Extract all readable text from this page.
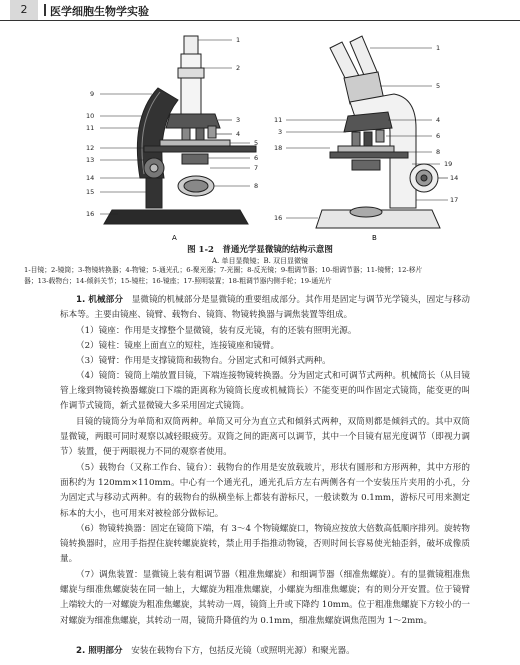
2	医学细胞生物学实验
1
2
3
4
5
6
7
8
9
10
11
12
13
14
15
16
1
5
4
6
8
19
14
17
11
3
18
16
A	B
图 1-2　普通光学显微镜的结构示意图
A. 单目显微镜；B. 双目显微镜
1-目镜；2-镜筒；3-物镜转换器；4-物镜；5-通光孔；6-聚光器；7-光圈；8-反光镜；9-粗调节器；10-细调节器；11-镜臂；12-移片
器；13-载物台；14-倾斜关节；15-镜柱；16-镜座；17-照明装置；18-粗调节器内侧手轮；19-通光片
1. 机械部分　 显微镜的机械部分是显微镜的重要组成部分。其作用是固定与调节光学镜头，固定与移动标本等。主要由镜座、镜臂、载物台、镜筒、物镜转换器与调焦装置等组成。
（1）镜座：作用是支撑整个显微镜，装有反光镜，有的还装有照明光源。
（2）镜柱：镜座上面直立的短柱，连接镜座和镜臂。
（3）镜臂：作用是支撑镜筒和载物台。分固定式和可倾斜式两种。
（4）镜筒：镜筒上端放置目镜，下端连接物镜转换器。分为固定式和可调节式两种。机械筒长（从目镜管上缘到物镜转换器螺旋口下端的距离称为镜筒长度或机械筒长）不能变更的叫作固定式镜筒，能变更的叫作调节式镜筒，新式显微镜大多采用固定式镜筒。
目镜的镜筒分为单筒和双筒两种。单筒又可分为直立式和倾斜式两种，双筒则都是倾斜式的。其中双筒显微镜，两眼可同时观察以减轻眼疲劳。双筒之间的距离可以调节，其中一个目镜有屈光度调节（即视力调节）装置，便于两眼视力不同的观察者使用。
（5）载物台（又称工作台、镜台）：载物台的作用是安放载玻片，形状有圆形和方形两种，其中方形的面积约为 120mm×110mm。中心有一个通光孔，通光孔后方左右两侧各有一个安装压片夹用的小孔，分为固定式与移动式两种。有的载物台的纵横坐标上都装有游标尺，一般读数为 0.1mm，游标尺可用来测定标本的大小，也可用来对被检部分做标记。
（6）物镜转换器：固定在镜筒下端，有 3～4 个物镜螺旋口，物镜应按放大倍数高低顺序排列。旋转物镜转换器时，应用手指捏住旋转螺旋旋转，禁止用手指推动物镜，否则时间长容易使光轴歪斜，破坏成像质量。
（7）调焦装置：显微镜上装有粗调节器（粗准焦螺旋）和细调节器（细准焦螺旋）。有的显微镜粗准焦螺旋与细准焦螺旋装在同一轴上，大螺旋为粗准焦螺旋，小螺旋为细准焦螺旋；有的则分开安置。位于镜臂上端较大的一对螺旋为粗准焦螺旋，其转动一周，镜筒上升或下降约 10mm。位于粗准焦螺旋下方较小的一对螺旋为细准焦螺旋，其转动一周，镜筒升降值约为 0.1mm，细准焦螺旋调焦范围为 1～2mm。
2. 照明部分　 安装在载物台下方，包括反光镜（或照明光源）和聚光器。
